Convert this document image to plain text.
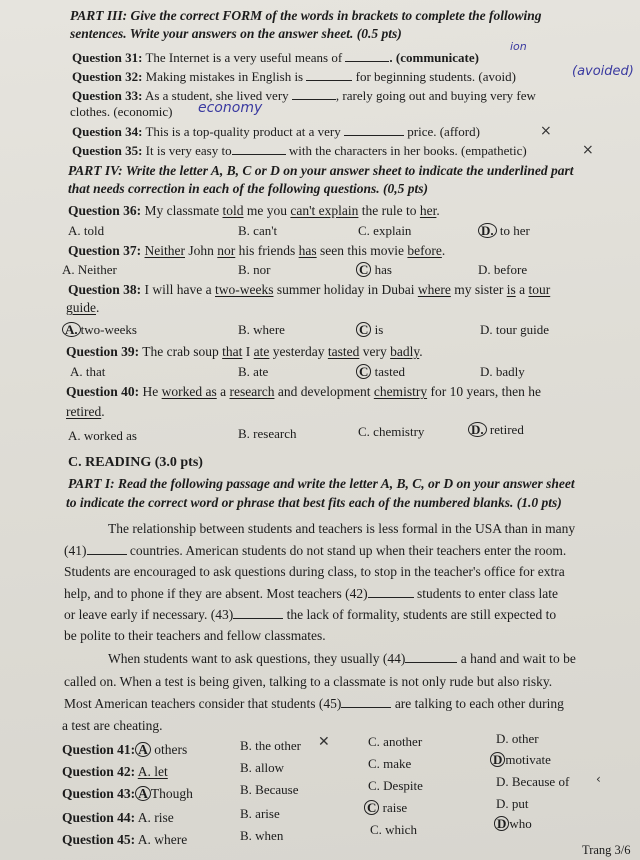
PART III: Give the correct FORM of the words in brackets to complete the following
sentences. Write your answers on the answer sheet. (0.5 pts)
Question 31: The Internet is a very useful means of	. (communicate)
ion
Question 32: Making mistakes in English is	for beginning students. (avoid)	(avoided)
Question 33: As a student, she lived very	, rarely going out and buying very few
clothes. (economic) economy
Question 34: This is a top-quality product at a very	price. (afford)	×
Question 35: It is very easy to	with the characters in her books. (empathetic)	×
PART IV: Write the letter A, B, C or D on your answer sheet to indicate the underlined part
that needs correction in each of the following questions. (0,5 pts)
Question 36: My classmate told me you can't explain the rule to her.
A. told	B. can't	C. explain	D. to her
Question 37: Neither John nor his friends has seen this movie before.
A. Neither	B. nor	C has	D. before
Question 38: I will have a two-weeks summer holiday in Dubai where my sister is a tour
guide.
A. two-weeks	B. where	C is	D. tour guide
Question 39: The crab soup that I ate yesterday tasted very badly.
A. that	B. ate	C tasted	D. badly
Question 40: He worked as a research and development chemistry for 10 years, then he
retired.
A. worked as	B. research	C. chemistry	D. retired
C. READING (3.0 pts)
PART I: Read the following passage and write the letter A, B, C, or D on your answer sheet
to indicate the correct word or phrase that best fits each of the numbered blanks. (1.0 pts)
The relationship between students and teachers is less formal in the USA than in many
(41)	countries. American students do not stand up when their teachers enter the room.
Students are encouraged to ask questions during class, to stop in the teacher's office for extra
help, and to phone if they are absent. Most teachers (42)	students to enter class late
or leave early if necessary. (43)	the lack of formality, students are still expected to
be polite to their teachers and fellow classmates.
When students want to ask questions, they usually (44)	a hand and wait to be
called on. When a test is being given, talking to a classmate is not only rude but also risky.
Most American teachers consider that students (45)	are talking to each other during
a test are cheating.
Question 41: A others	B. the other ✕	C. another	D. other
Question 42: A. let	B. allow	C. make	D motivate
Question 43: A Though	B. Because	C. Despite	D. Because of ‹
Question 44: A. rise	B. arise	C raise	D. put
Question 45: A. where	B. when	C. which	D who
Trang 3/6
